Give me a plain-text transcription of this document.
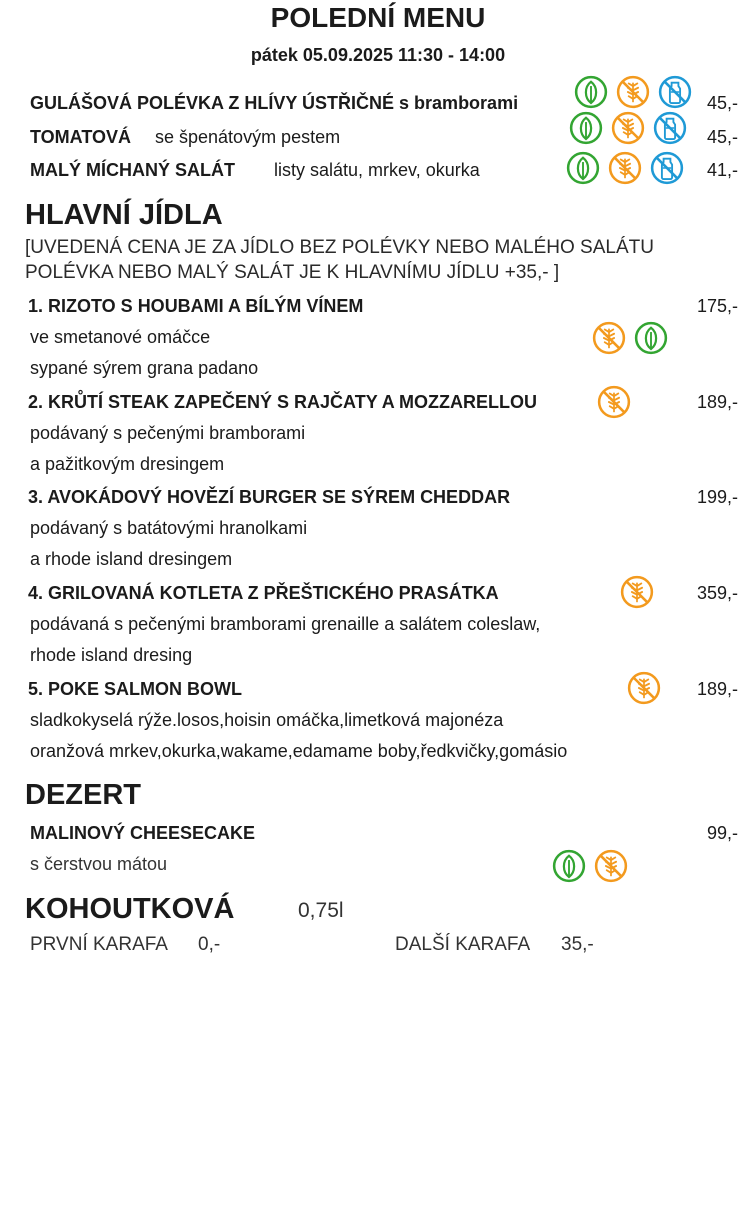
POLEDNÍ MENU
pátek 05.09.2025 11:30 - 14:00
GULÁŠOVÁ POLÉVKA Z HLÍVY ÚSTŘIČNÉ s bramborami	45,-
TOMATOVÁ se špenátovým pestem	45,-
MALÝ MÍCHANÝ SALÁT listy salátu, mrkev, okurka	41,-
HLAVNÍ JÍDLA
[UVEDENÁ CENA JE ZA JÍDLO BEZ POLÉVKY NEBO MALÉHO SALÁTU
POLÉVKA NEBO MALÝ SALÁT JE K HLAVNÍMU JÍDLU +35,- ]
1. RIZOTO S HOUBAMI A BÍLÝM VÍNEM	175,-
ve smetanové omáčce
sypané sýrem grana padano
2. KRŮTÍ STEAK ZAPEČENÝ S RAJČATY A MOZZARELLOU	189,-
podávaný s pečenými bramborami
a pažitkovým dresingem
3. AVOKÁDOVÝ HOVĚZÍ BURGER SE SÝREM CHEDDAR	199,-
podávaný s batátovými hranolkami
a rhode island dresingem
4. GRILOVANÁ KOTLETA Z PŘEŠTICKÉHO PRASÁTKA	359,-
podávaná s pečenými bramborami grenaille a salátem coleslaw,
rhode island dresing
5. POKE SALMON BOWL	189,-
sladkokyselá rýže.losos,hoisin omáčka,limetková majonéza
oranžová mrkev,okurka,wakame,edamame boby,ředkvičky,gomásio
DEZERT
MALINOVÝ CHEESECAKE	99,-
s čerstvou mátou
KOHOUTKOVÁ	0,75l
PRVNÍ KARAFA 0,-	DALŠÍ KARAFA 35,-
